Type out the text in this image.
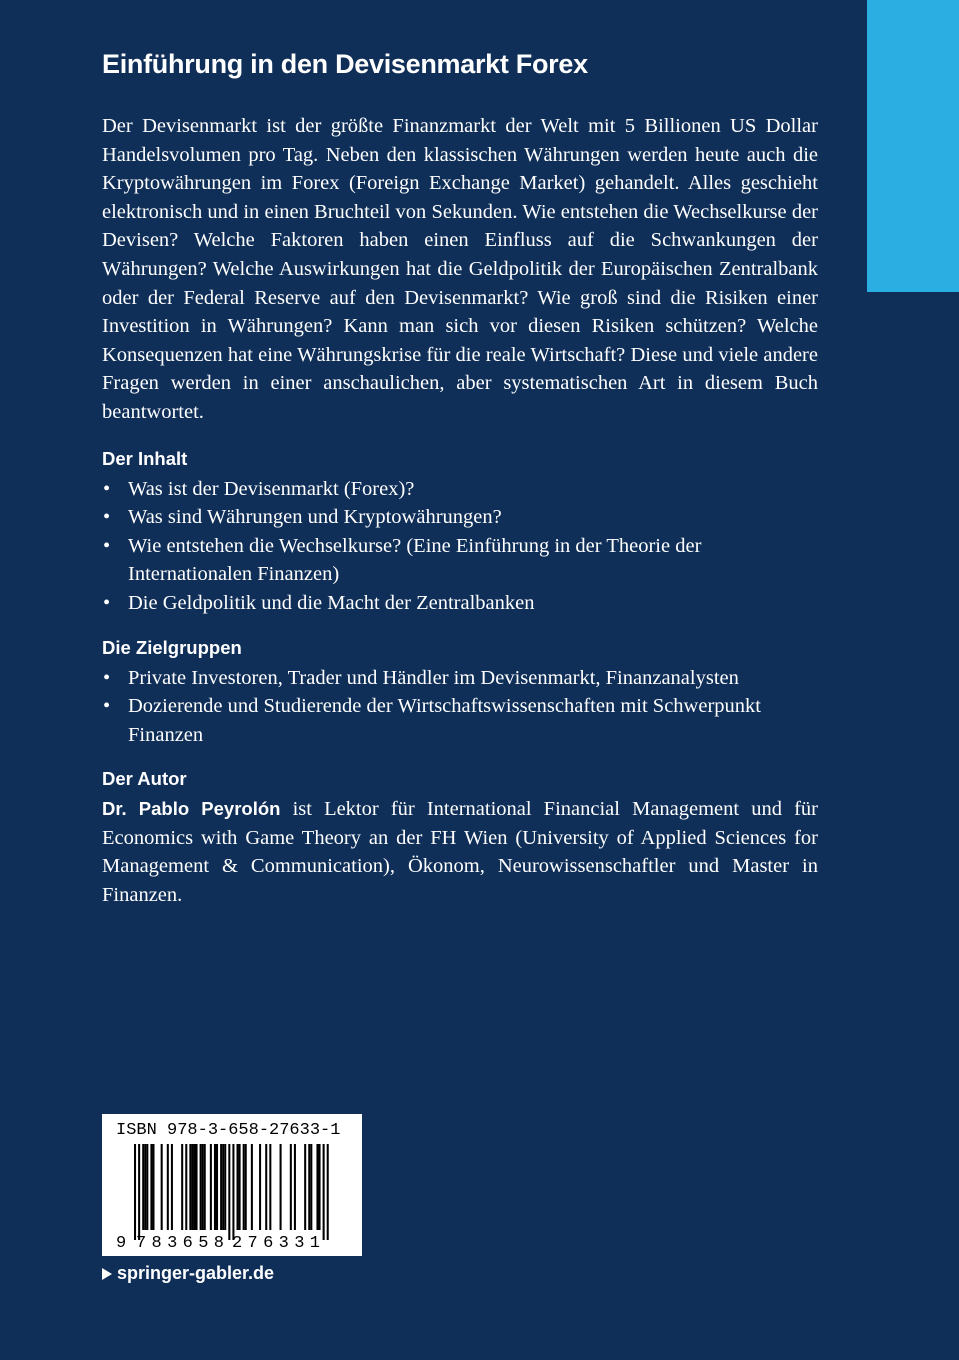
Einführung in den Devisenmarkt Forex

Der Devisenmarkt ist der größte Finanzmarkt der Welt mit 5 Billionen US Dollar Handelsvolumen pro Tag. Neben den klassischen Währungen werden heute auch die Kryptowährungen im Forex (Foreign Exchange Market) gehandelt. Alles geschieht elektronisch und in einen Bruchteil von Sekunden. Wie entstehen die Wechselkurse der Devisen? Welche Faktoren haben einen Einfluss auf die Schwankungen der Währungen? Welche Auswirkungen hat die Geldpolitik der Europäischen Zentralbank oder der Federal Reserve auf den Devisenmarkt? Wie groß sind die Risiken einer Investition in Währungen? Kann man sich vor diesen Risiken schützen? Welche Konsequenzen hat eine Währungskrise für die reale Wirtschaft? Diese und viele andere Fragen werden in einer anschaulichen, aber systematischen Art in diesem Buch beantwortet.

Der Inhalt
• Was ist der Devisenmarkt (Forex)?
• Was sind Währungen und Kryptowährungen?
• Wie entstehen die Wechselkurse? (Eine Einführung in der Theorie der Internationalen Finanzen)
• Die Geldpolitik und die Macht der Zentralbanken
Die Zielgruppen
• Private Investoren, Trader und Händler im Devisenmarkt, Finanzanalysten
• Dozierende und Studierende der Wirtschaftswissenschaften mit Schwerpunkt Finanzen
Der Autor

Dr. Pablo Peyrolón ist Lektor für International Financial Management und für Economics with Game Theory an der FH Wien (University of Applied Sciences for Management & Communication), Ökonom, Neurowissenschaftler und Master in Finanzen.

ISBN 978-3-658-27633-1
9 783658 276331
springer-gabler.de
